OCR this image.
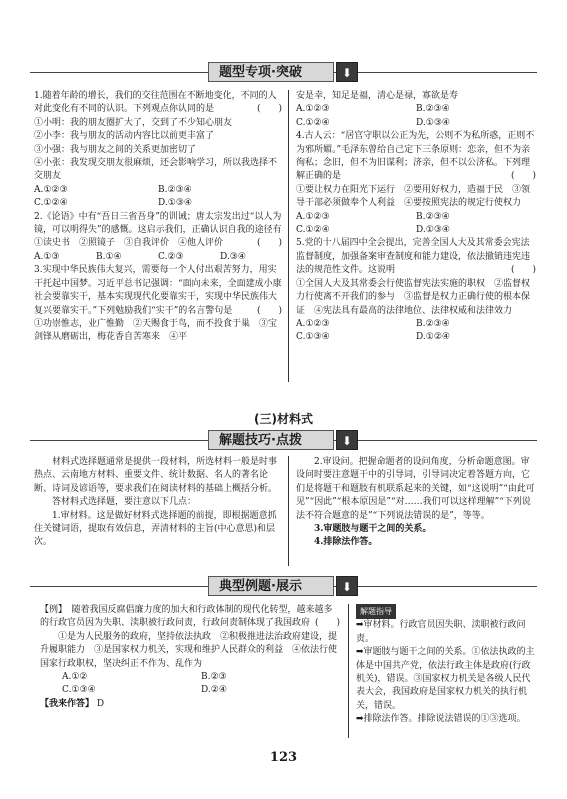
题型专项·突破	⬇

1.随着年龄的增长，我们的交往范围在不断地变化，不同的人对此变化有不同的认识。下列观点你认同的是	(　　)

①小明：我的朋友圈扩大了，交到了不少知心朋友

②小李：我与朋友的活动内容比以前更丰富了

③小强：我与朋友之间的关系更加密切了

④小张：我发现交朋友很麻烦，还会影响学习，所以我选择不交朋友

A.①②③	B.②③④
C.①②④	D.①③④

2.《论语》中有“吾日三省吾身”的训诫；唐太宗发出过“以人为镜，可以明得失”的感慨。这启示我们，正确认识自我的途径有
(　　)

①读史书　②照镜子　③自我评价　④他人评价

A.①③	B.①④	C.②③	D.③④

3.实现中华民族伟大复兴，需要每一个人付出艰苦努力，用实干托起中国梦。习近平总书记强调：“面向未来，全面建成小康社会要靠实干，基本实现现代化要靠实干，实现中华民族伟大复兴要靠实干。”下列勉励我们“实干”的名言警句是	(　　)

①功崇惟志，业广惟勤　②天赐食于鸟，而不投食于巢　③宝剑锋从磨砺出，梅花香自苦寒来　④平

安是幸，知足是福，清心是禄，寡欲是寿

A.①②③	B.②③④
C.①②④	D.①③④

4.古人云：“居官守职以公正为先，公则不为私所惑，正则不为邪所媚。”毛泽东曾给自己定下三条原则：恋亲，但不为亲徇私；念旧，但不为旧谋利；济亲，但不以公济私。下列理解正确的是	(　　)

①要让权力在阳光下运行　②要用好权力，造福于民　③领导干部必须做奉个人利益　④要按照宪法的规定行使权力

A.①②③	B.②③④
C.①②④	D.①③④

5.党的十八届四中全会提出，完善全国人大及其常委会宪法监督制度，加强备案审查制度和能力建设，依法撤销违宪违法的规范性文件。这说明	(　　)

①全国人大及其常委会行使监督宪法实施的职权　②监督权力行使离不开我们的参与　③监督是权力正确行使的根本保证　④宪法具有最高的法律地位、法律权威和法律效力

A.①②③	B.②③④
C.①③④	D.①②④
(三)材料式
解题技巧·点拨	⬇

材料式选择题通常是提供一段材料，所选材料一般是时事热点、云南地方材料、重要文件、统计数据、名人的著名论断、诗词及谚语等，要求我们在阅读材料的基础上概括分析。

答材料式选择题，要注意以下几点：

1.审材料。这是做好材料式选择题的前提，即根据题意抓住关键词语，提取有效信息，弄清材料的主旨(中心意思)和层次。

2.审设问。把握命题者的设问角度，分析命题意图。审设问时要注意题干中的引导词，引导词决定着答题方向，它们是将题干和题肢有机联系起来的关键，如“这说明”“由此可见”“因此”“根本原因是”“对……我们可以这样理解”“下列说法不符合题意的是”“下列说法错误的是”，等等。

3.审题肢与题干之间的关系。

4.排除法作答。

典型例题·展示	⬇

【例】　随着我国反腐倡廉力度的加大和行政体制的现代化转型，越来越多的行政官员因为失职、渎职被行政问责，行政问责制体现了我国政府 (　　)

①是为人民服务的政府，坚持依法执政　②积极推进法治政府建设，提升履职能力　③是国家权力机关，实现和维护人民群众的利益　④依法行使国家行政职权，坚决纠正不作为、乱作为

A.①②	B.②③
C.①③④	D.②④

【我来作答】 D

解题指导

➡审材料。行政官员因失职、渎职被行政问责。

➡审题肢与题干之间的关系。①依法执政的主体是中国共产党，依法行政主体是政府(行政机关)，错误。③国家权力机关是各级人民代表大会，我国政府是国家权力机关的执行机关，错误。

➡排除法作答。排除说法错误的①③选项。

123
